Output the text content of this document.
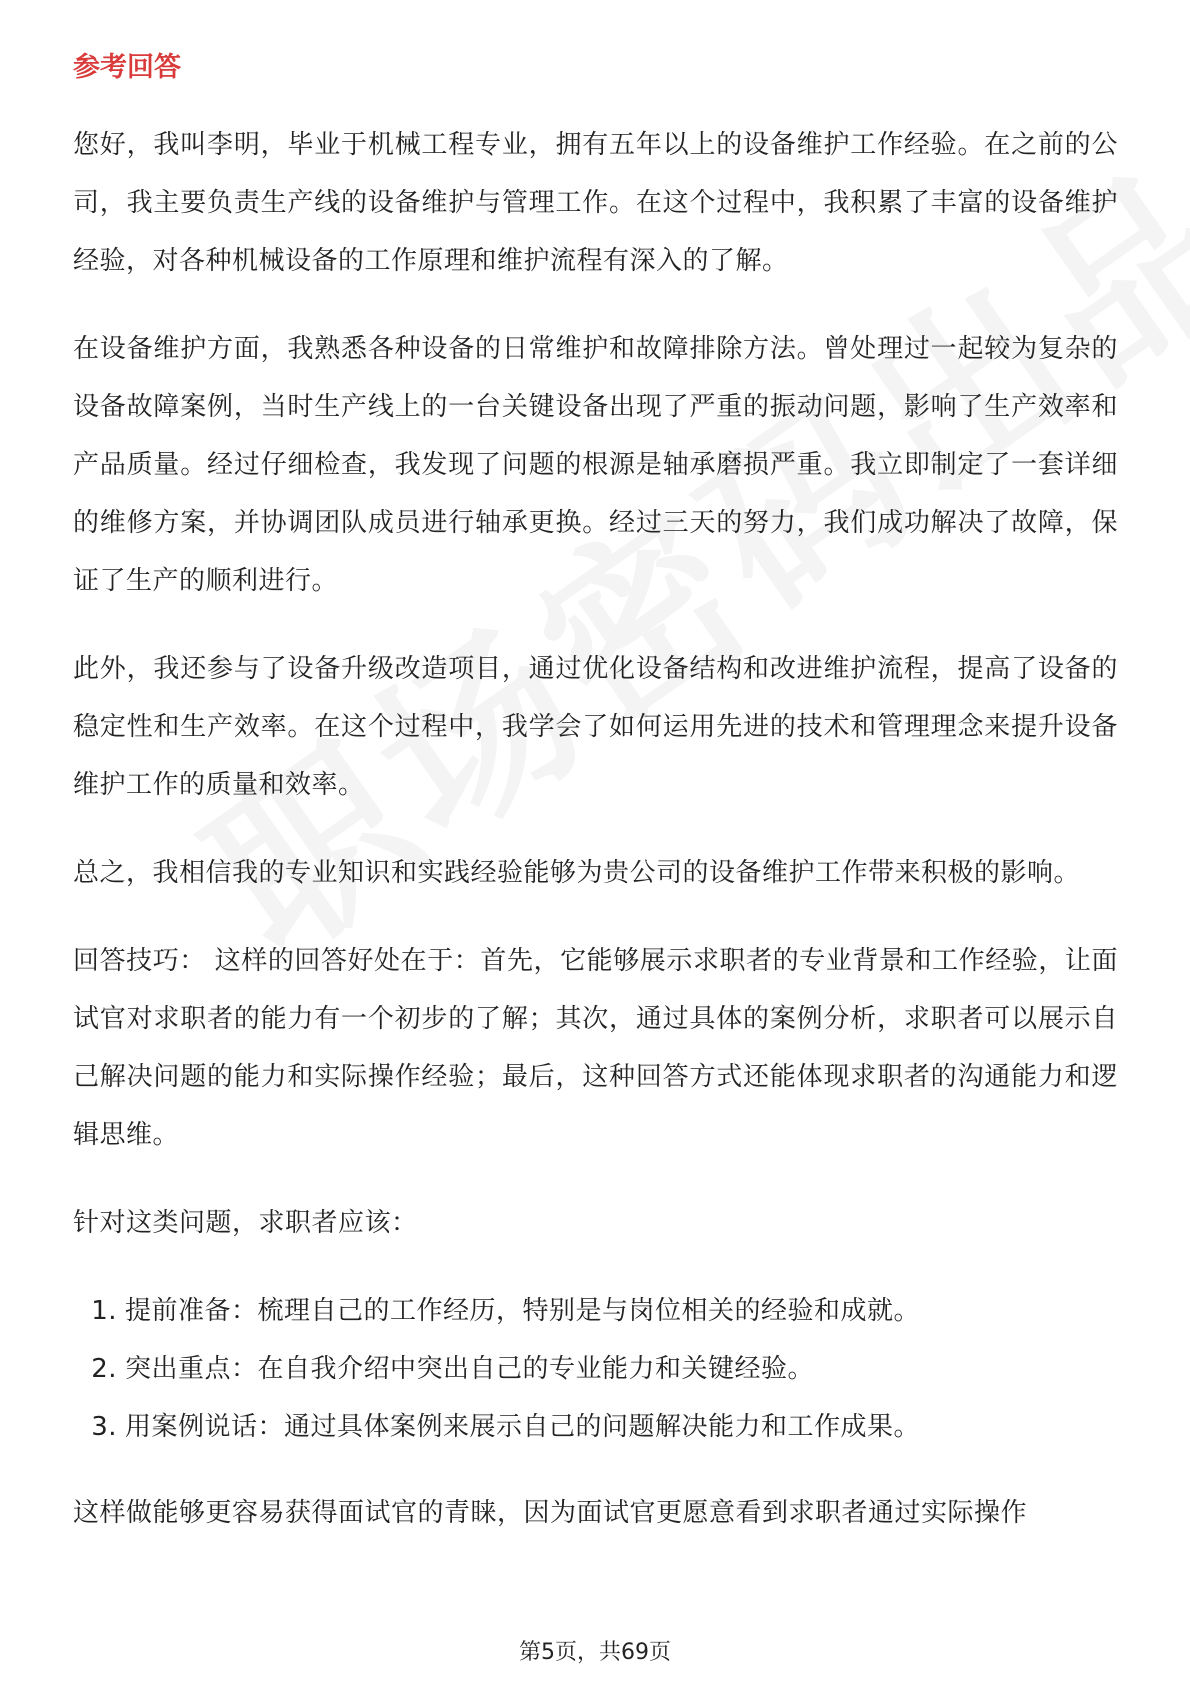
参考回答

您好，我叫李明，毕业于机械工程专业，拥有五年以上的设备维护工作经验。在之前的公司，我主要负责生产线的设备维护与管理工作。在这个过程中，我积累了丰富的设备维护经验，对各种机械设备的工作原理和维护流程有深入的了解。

在设备维护方面，我熟悉各种设备的日常维护和故障排除方法。曾处理过一起较为复杂的设备故障案例，当时生产线上的一台关键设备出现了严重的振动问题，影响了生产效率和产品质量。经过仔细检查，我发现了问题的根源是轴承磨损严重。我立即制定了一套详细的维修方案，并协调团队成员进行轴承更换。经过三天的努力，我们成功解决了故障，保证了生产的顺利进行。

此外，我还参与了设备升级改造项目，通过优化设备结构和改进维护流程，提高了设备的稳定性和生产效率。在这个过程中，我学会了如何运用先进的技术和管理理念来提升设备维护工作的质量和效率。

总之，我相信我的专业知识和实践经验能够为贵公司的设备维护工作带来积极的影响。

回答技巧： 这样的回答好处在于：首先，它能够展示求职者的专业背景和工作经验，让面试官对求职者的能力有一个初步的了解；其次，通过具体的案例分析，求职者可以展示自己解决问题的能力和实际操作经验；最后，这种回答方式还能体现求职者的沟通能力和逻辑思维。

针对这类问题，求职者应该：

1. 提前准备：梳理自己的工作经历，特别是与岗位相关的经验和成就。
2. 突出重点：在自我介绍中突出自己的专业能力和关键经验。
3. 用案例说话：通过具体案例来展示自己的问题解决能力和工作成果。

这样做能够更容易获得面试官的青睐，因为面试官更愿意看到求职者通过实际操作

第5页，共69页
